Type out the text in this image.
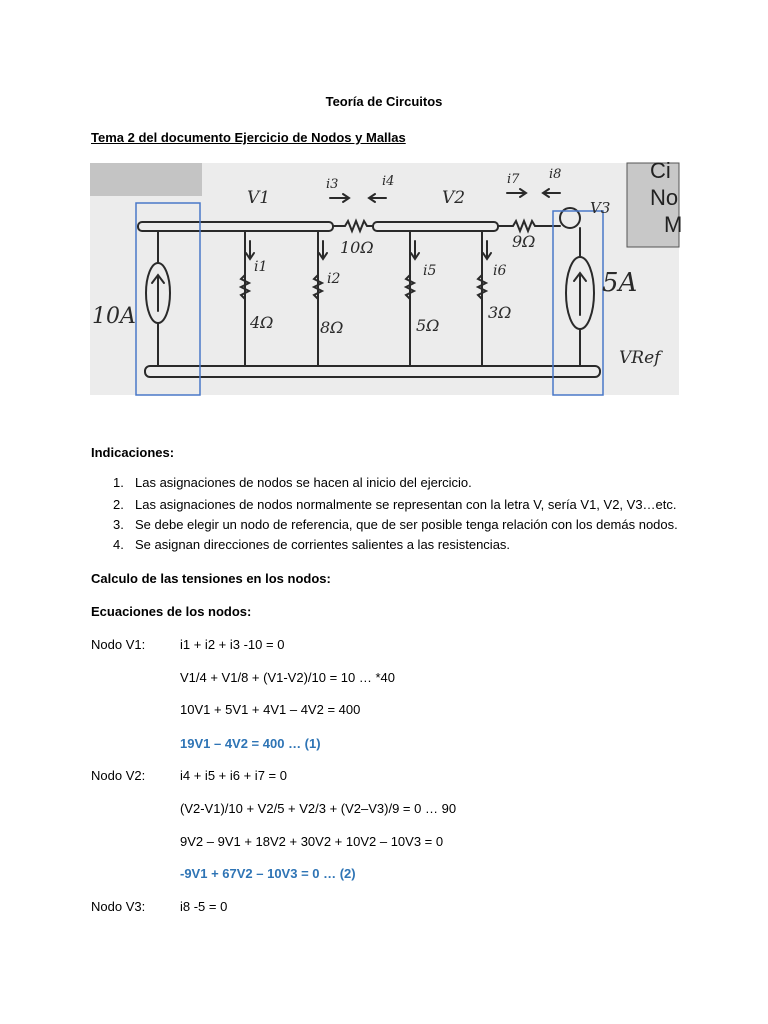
Teoría de Circuitos
Tema 2 del documento Ejercicio de Nodos y Mallas
Ci
No
M
V1	V2	V3
VRef
i3	i4	i7 i8
i1
i2	i5	i6
10Ω	9Ω
4Ω	8Ω	5Ω
3Ω
10A
5A
Indicaciones:
1. Las asignaciones de nodos se hacen al inicio del ejercicio.
2. Las asignaciones de nodos normalmente se representan con la letra V, sería V1, V2, V3…etc.
3. Se debe elegir un nodo de referencia, que de ser posible tenga relación con los demás nodos.
4. Se asignan direcciones de corrientes salientes a las resistencias.
Calculo de las tensiones en los nodos:
Ecuaciones de los nodos:
Nodo V1:	i1 + i2 + i3 -10 = 0
V1/4 + V1/8 + (V1-V2)/10 = 10 … *40
10V1 + 5V1 + 4V1 – 4V2 = 400
19V1 – 4V2 = 400 … (1)
Nodo V2:	i4 + i5 + i6 + i7 = 0
(V2-V1)/10 + V2/5 + V2/3 + (V2–V3)/9 = 0 … 90
9V2 – 9V1 + 18V2 + 30V2 + 10V2 – 10V3 = 0
-9V1 + 67V2 – 10V3 = 0 … (2)
Nodo V3:	i8 -5 = 0
